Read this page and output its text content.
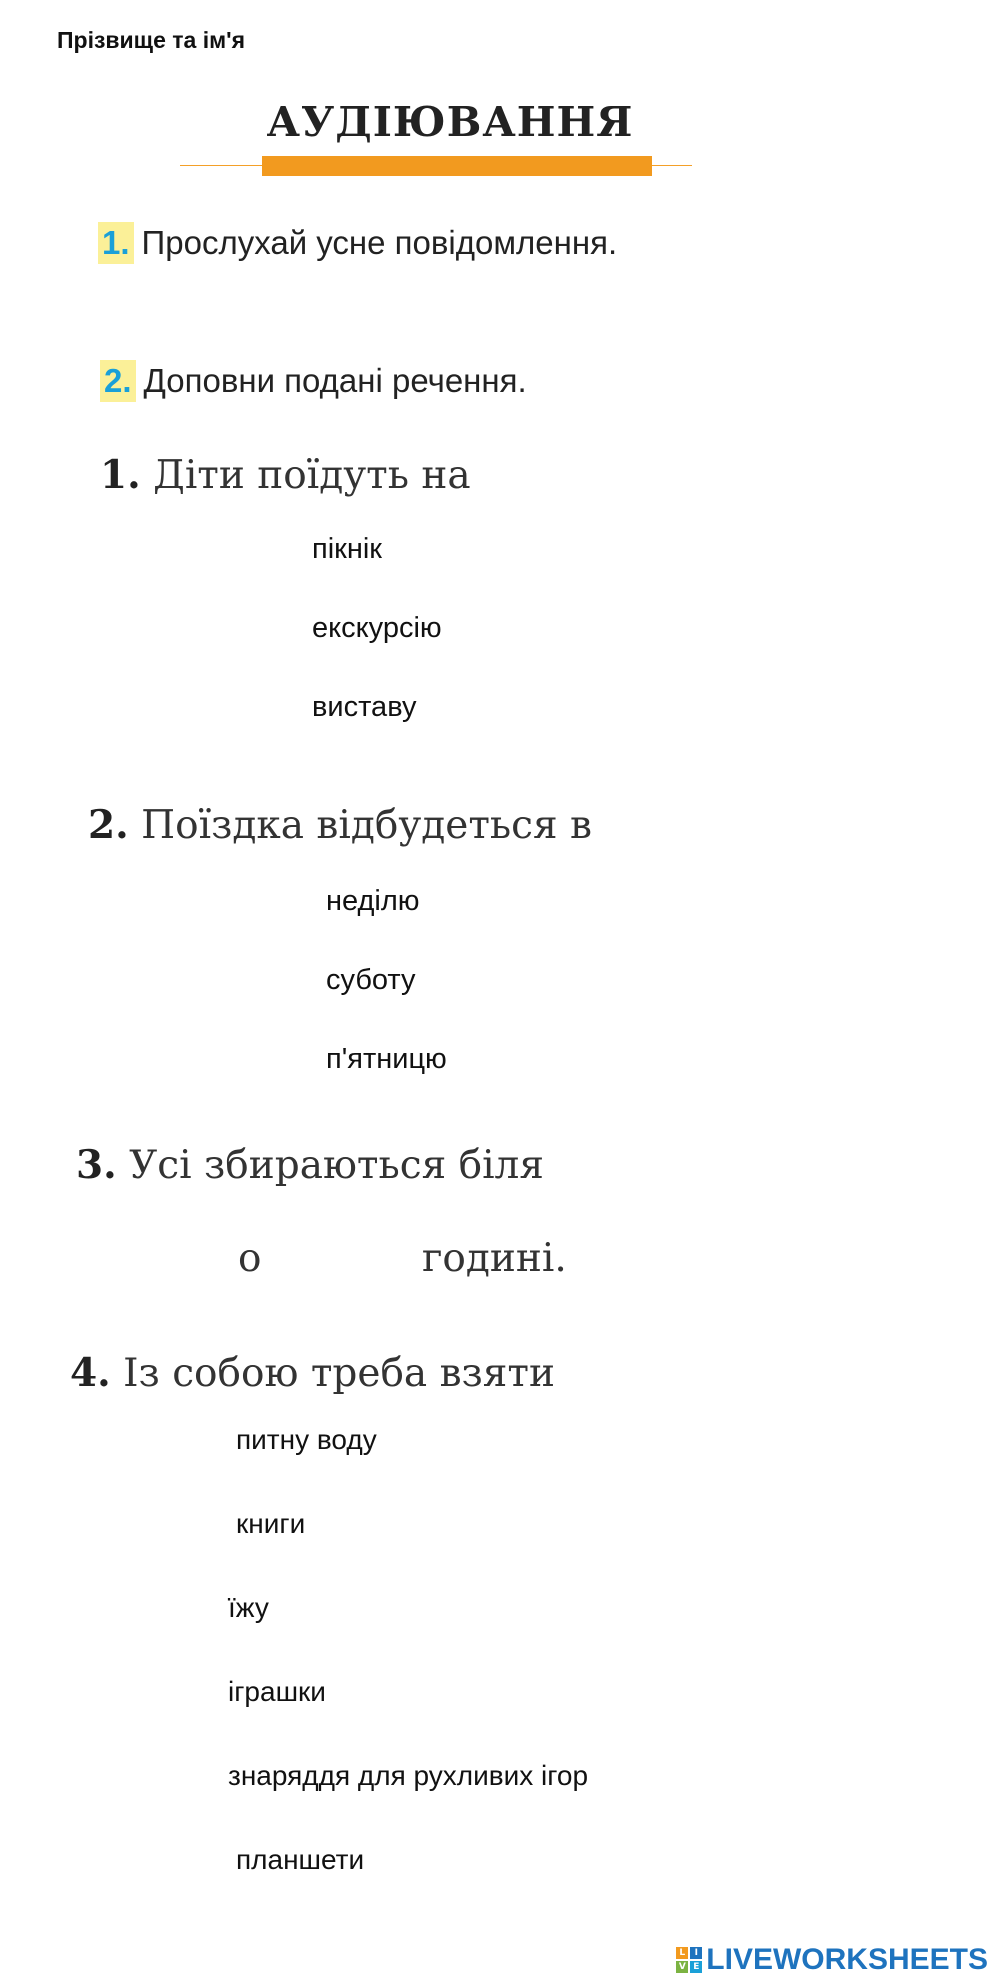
Прізвище та ім'я
АУДІЮВАННЯ
1. Прослухай усне повідомлення.
2. Доповни подані речення.
1. Діти поїдуть на
пікнік
екскурсію
виставу
2. Поїздка відбудеться в
неділю
суботу
п'ятницю
3. Усі збираються біля
о	годині.
4. Із собою треба взяти
питну воду
книги
їжу
іграшки
знаряддя для рухливих ігор
планшети
L	I
V E LIVEWORKSHEETS
